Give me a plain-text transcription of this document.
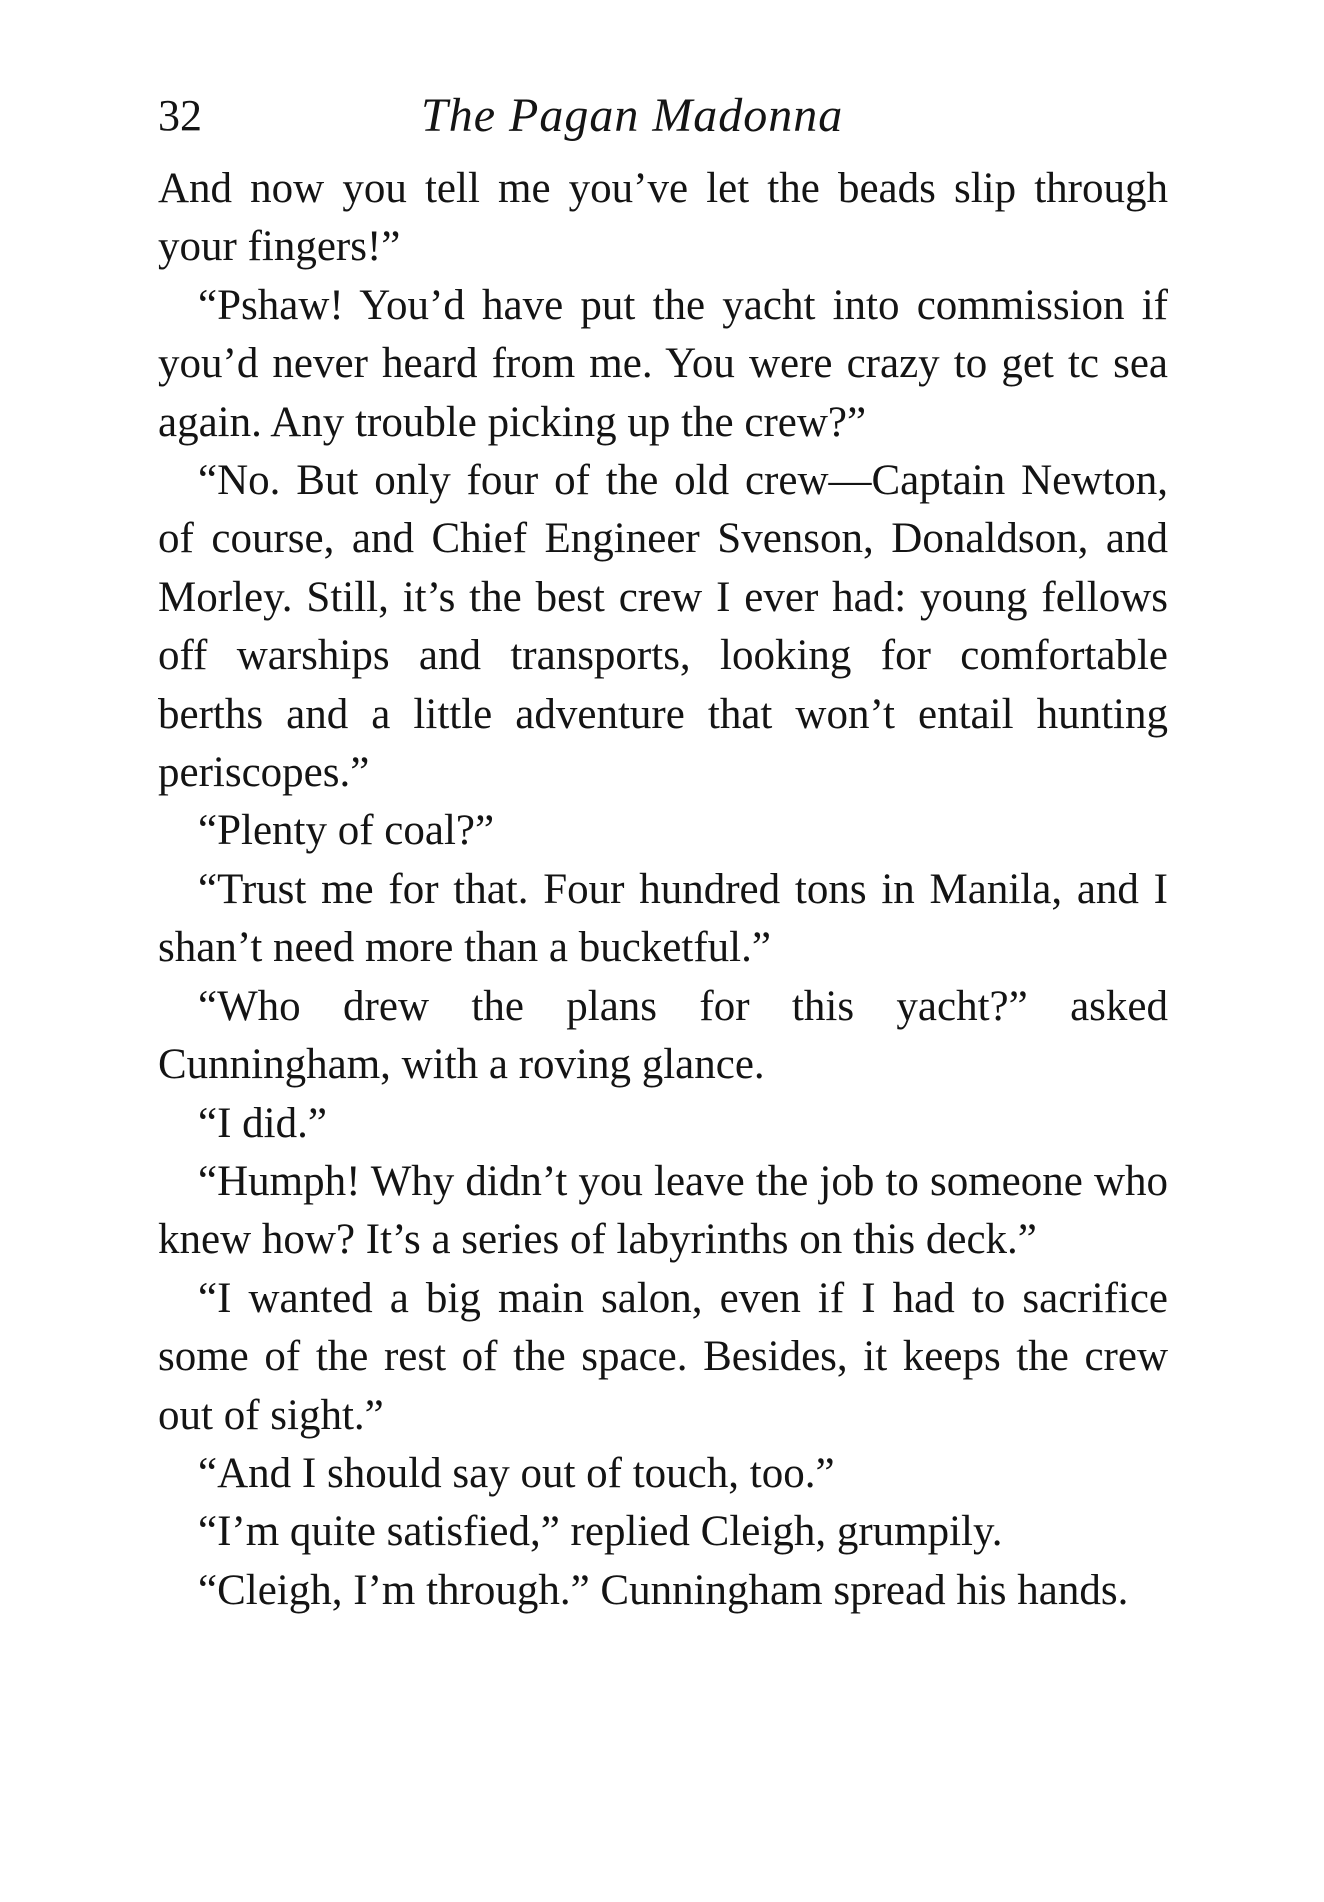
32	The Pagan Madonna

And now you tell me you’ve let the beads slip through your fingers!”

“Pshaw! You’d have put the yacht into commission if you’d never heard from me. You were crazy to get tc sea again. Any trouble picking up the crew?”

“No. But only four of the old crew—Captain Newton, of course, and Chief Engineer Svenson, Donaldson, and Morley. Still, it’s the best crew I ever had: young fellows off warships and transports, looking for comfortable berths and a little adventure that won’t entail hunting periscopes.”

“Plenty of coal?”

“Trust me for that. Four hundred tons in Manila, and I shan’t need more than a bucketful.”

“Who drew the plans for this yacht?” asked Cunningham, with a roving glance.

“I did.”

“Humph! Why didn’t you leave the job to someone who knew how? It’s a series of labyrinths on this deck.”

“I wanted a big main salon, even if I had to sacrifice some of the rest of the space. Besides, it keeps the crew out of sight.”

“And I should say out of touch, too.”

“I’m quite satisfied,” replied Cleigh, grumpily.

“Cleigh, I’m through.” Cunningham spread his hands.
